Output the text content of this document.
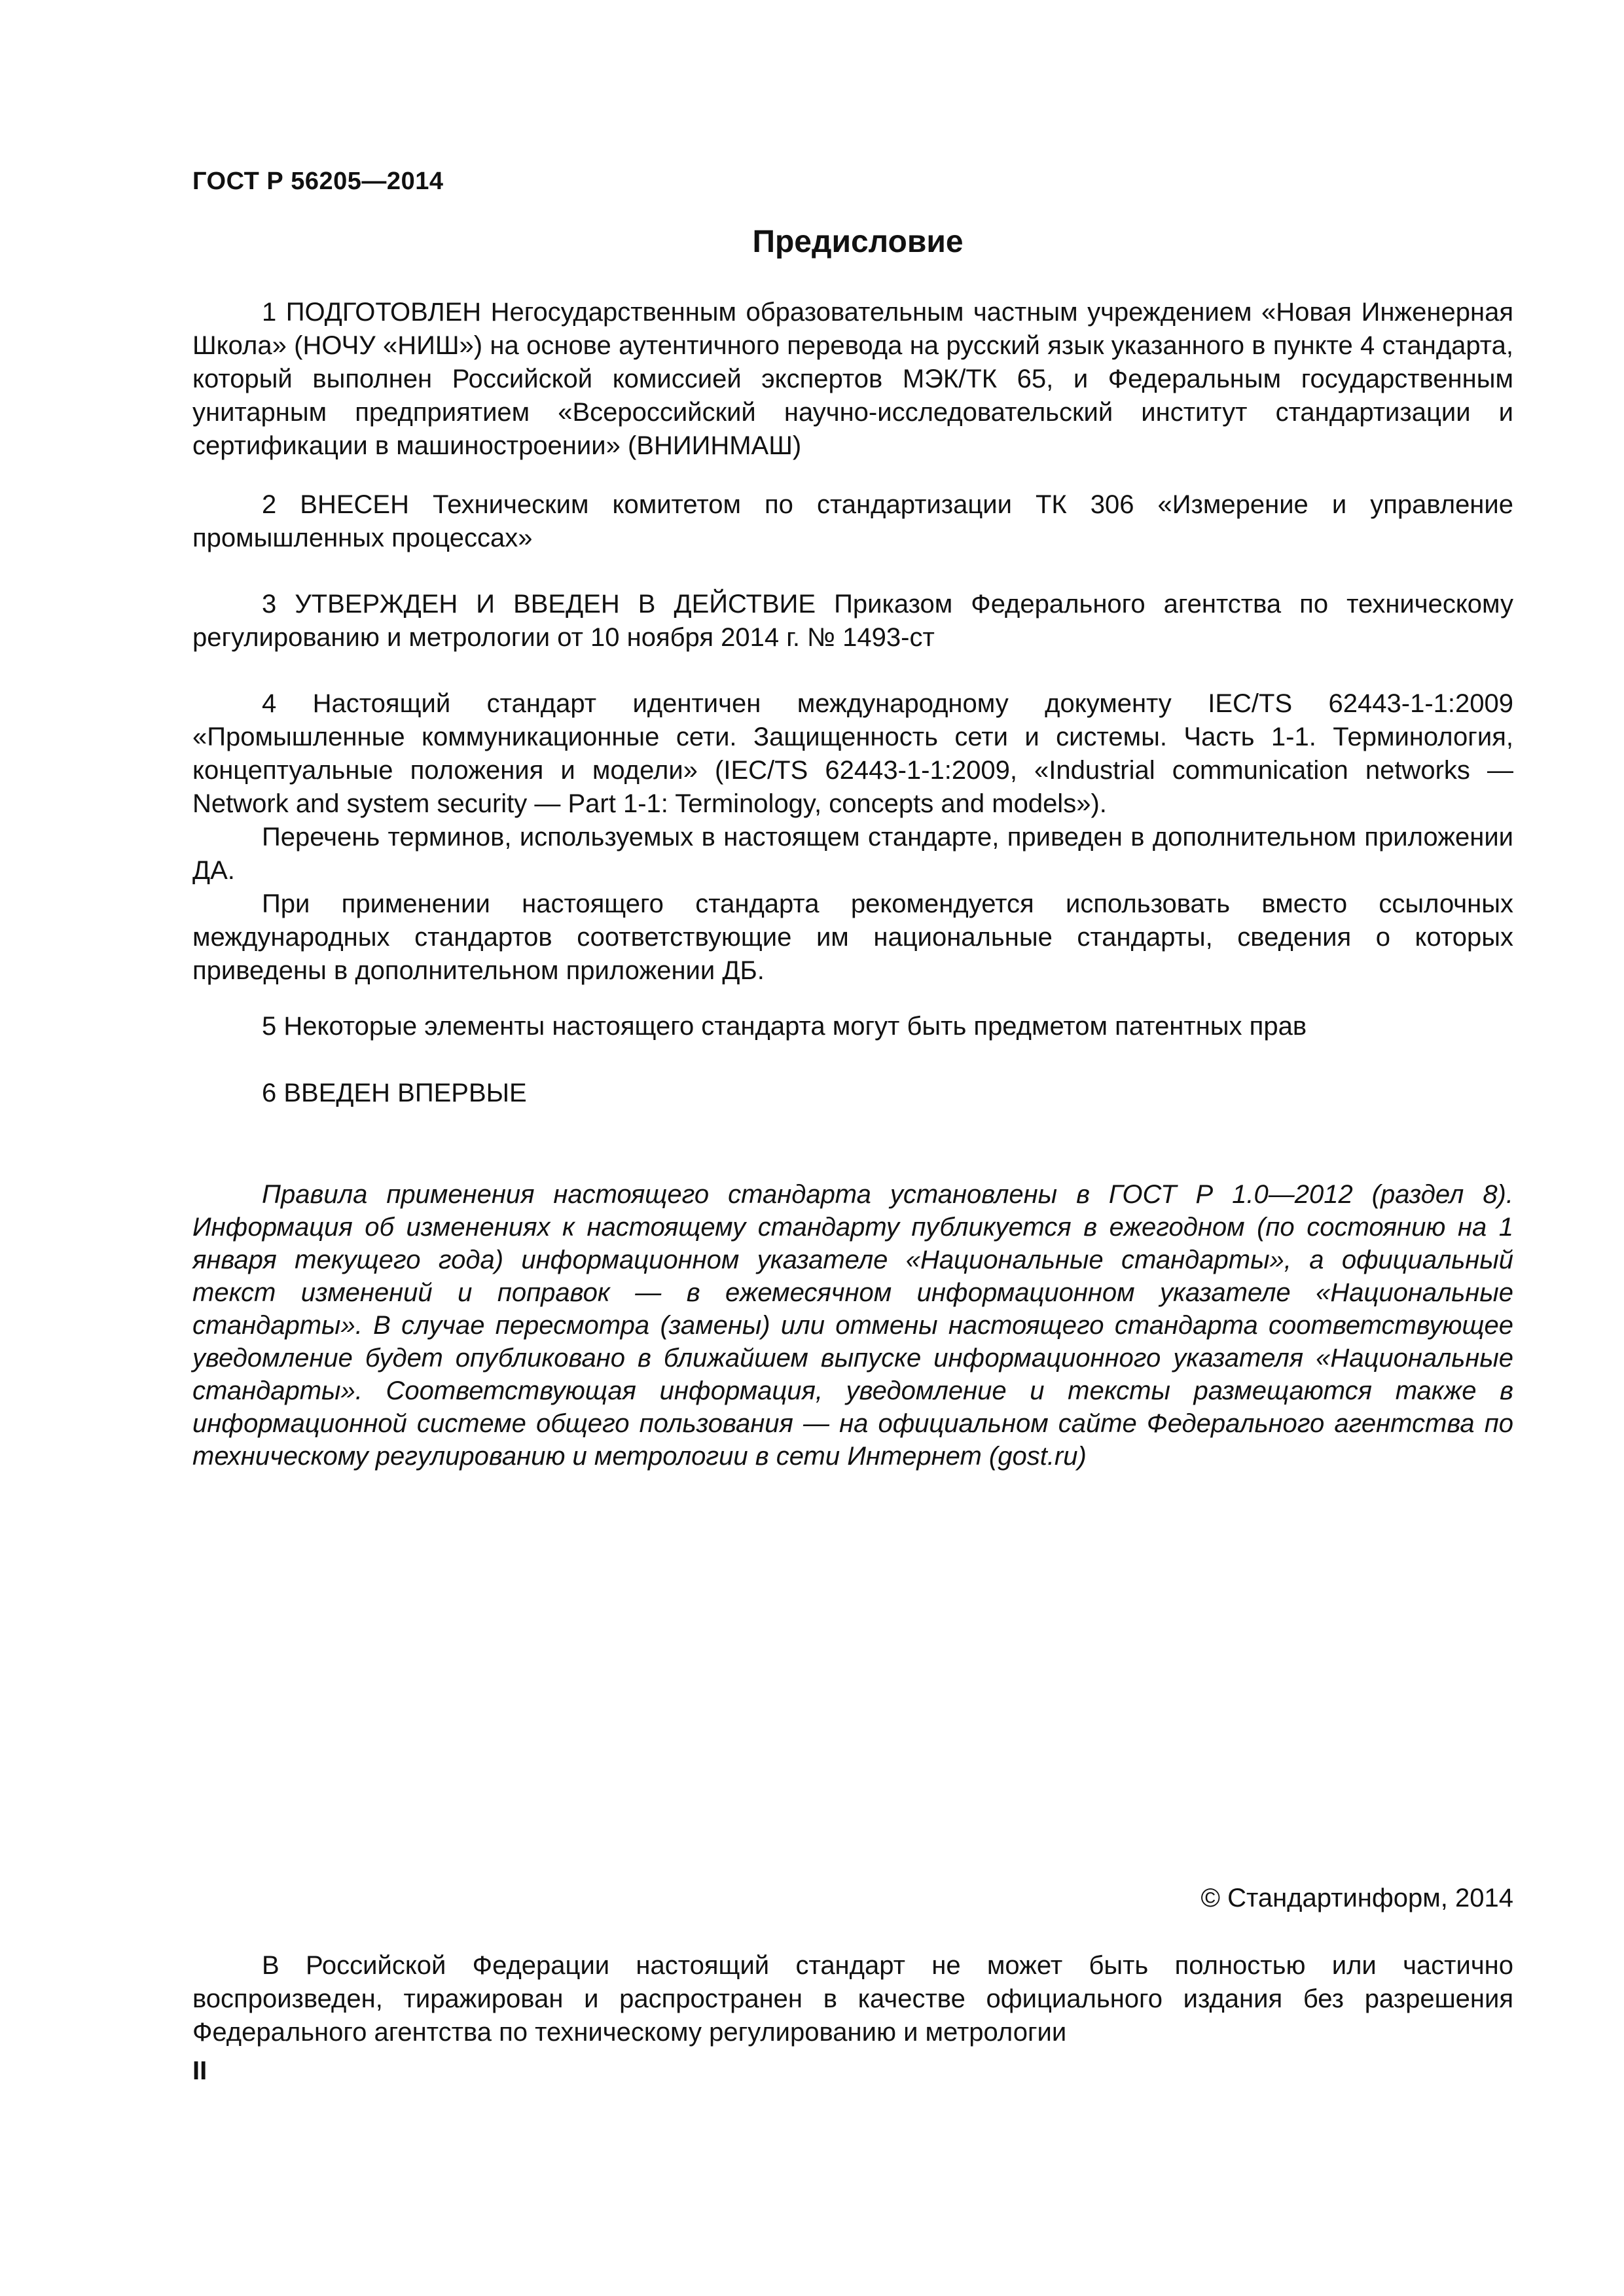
ГОСТ Р 56205—2014
Предисловие

1 ПОДГОТОВЛЕН Негосударственным образовательным частным учреждением «Новая Инженерная Школа» (НОЧУ «НИШ») на основе аутентичного перевода на русский язык указанного в пункте 4 стандарта, который выполнен Российской комиссией экспертов МЭК/ТК 65, и Федеральным государственным унитарным предприятием «Всероссийский научно-исследовательский институт стандартизации и сертификации в машиностроении» (ВНИИНМАШ)

2 ВНЕСЕН Техническим комитетом по стандартизации ТК 306 «Измерение и управление промышленных процессах»

3 УТВЕРЖДЕН И ВВЕДЕН В ДЕЙСТВИЕ Приказом Федерального агентства по техническому регулированию и метрологии от 10 ноября 2014 г. № 1493-ст

4 Настоящий стандарт идентичен международному документу IEC/TS 62443-1-1:2009 «Промышленные коммуникационные сети. Защищенность сети и системы. Часть 1-1. Терминология, концептуальные положения и модели» (IEC/TS 62443-1-1:2009, «Industrial communication networks — Network and system security — Part 1-1: Terminology, concepts and models»).

Перечень терминов, используемых в настоящем стандарте, приведен в дополнительном приложении ДА.

При применении настоящего стандарта рекомендуется использовать вместо ссылочных международных стандартов соответствующие им национальные стандарты, сведения о которых приведены в дополнительном приложении ДБ.

5 Некоторые элементы настоящего стандарта могут быть предметом патентных прав

6 ВВЕДЕН ВПЕРВЫЕ

Правила применения настоящего стандарта установлены в ГОСТ Р 1.0—2012 (раздел 8). Информация об изменениях к настоящему стандарту публикуется в ежегодном (по состоянию на 1 января текущего года) информационном указателе «Национальные стандарты», а официальный текст изменений и поправок — в ежемесячном информационном указателе «Национальные стандарты». В случае пересмотра (замены) или отмены настоящего стандарта соответствующее уведомление будет опубликовано в ближайшем выпуске информационного указателя «Национальные стандарты». Соответствующая информация, уведомление и тексты размещаются также в информационной системе общего пользования — на официальном сайте Федерального агентства по техническому регулированию и метрологии в сети Интернет (gost.ru)

© Стандартинформ, 2014

В Российской Федерации настоящий стандарт не может быть полностью или частично воспроизведен, тиражирован и распространен в качестве официального издания без разрешения Федерального агентства по техническому регулированию и метрологии

II
